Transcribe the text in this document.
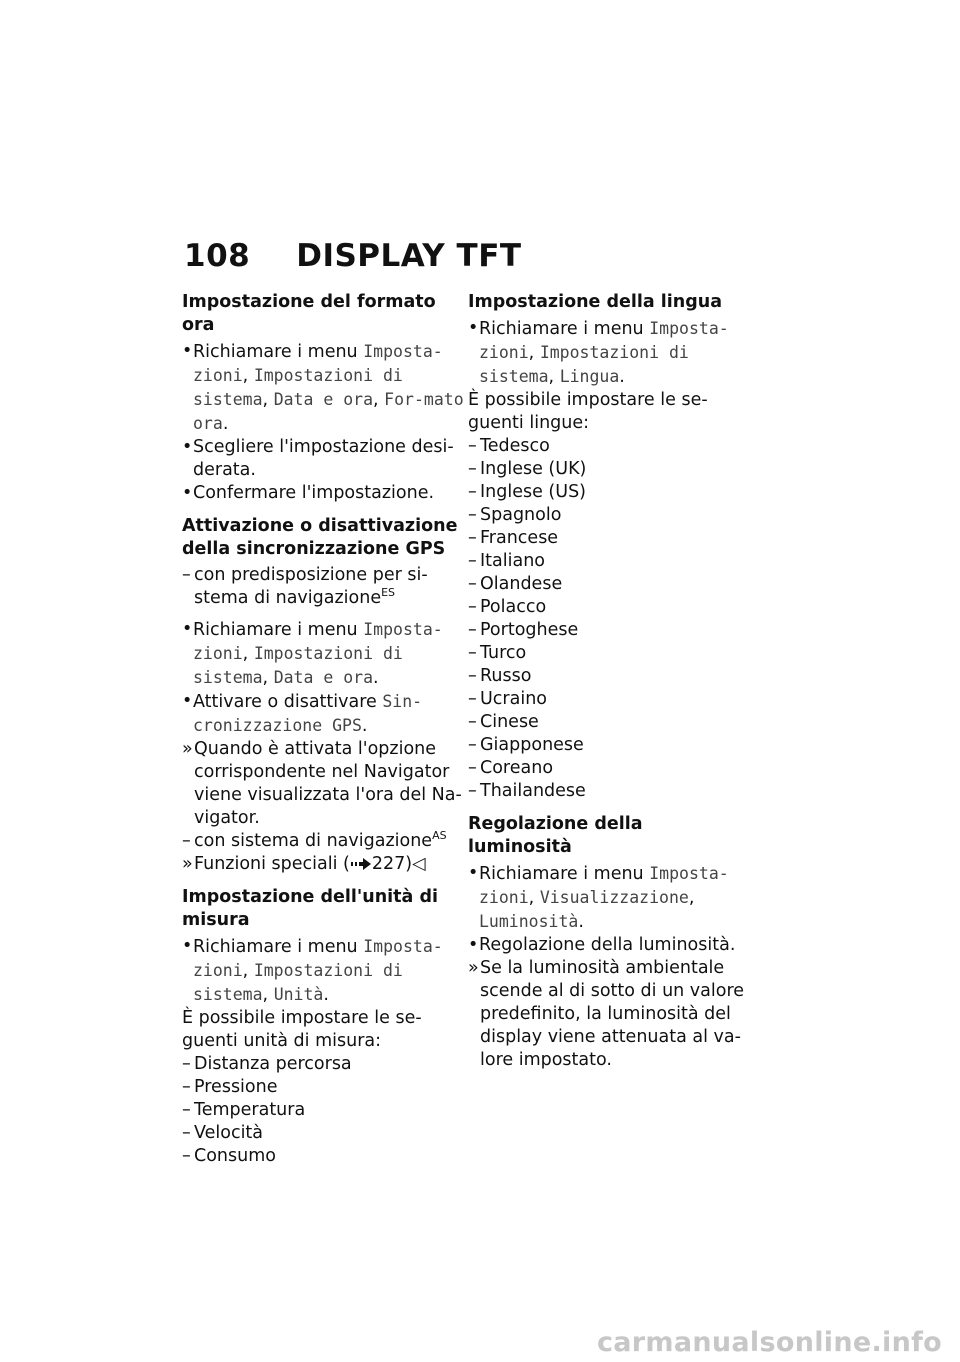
108 DISPLAY TFT
Impostazione del formato ora
• Richiamare i menu Imposta-zioni, Impostazioni di sistema, Data e ora, For-mato ora.
• Scegliere l'impostazione desi-derata.
• Confermare l'impostazione.
Attivazione o disattivazione della sincronizzazione GPS
– con predisposizione per si-stema di navigazione$^{ES}$
• Richiamare i menu Imposta-zioni, Impostazioni di sistema, Data e ora.
• Attivare o disattivare Sin-cronizzazione GPS.
» Quando è attivata l'opzione corrispondente nel Navigator viene visualizzata l'ora del Na-vigator.
– con sistema di navigazione$^{AS}$
» Funzioni speciali ( 227)◁
Impostazione dell'unità di misura
• Richiamare i menu Imposta-zioni, Impostazioni di sistema, Unità.
È possibile impostare le se-guenti unità di misura:
– Distanza percorsa
– Pressione
– Temperatura
– Velocità
– Consumo
Impostazione della lingua
• Richiamare i menu Imposta-zioni, Impostazioni di sistema, Lingua.
È possibile impostare le se-guenti lingue:
– Tedesco
– Inglese (UK)
– Inglese (US)
– Spagnolo
– Francese
– Italiano
– Olandese
– Polacco
– Portoghese
– Turco
– Russo
– Ucraino
– Cinese
– Giapponese
– Coreano
– Thailandese
Regolazione della luminosità
• Richiamare i menu Imposta-zioni, Visualizzazione, Luminosità.
• Regolazione della luminosità.
» Se la luminosità ambientale scende al di sotto di un valore predefinito, la luminosità del display viene attenuata al va-lore impostato.
carmanualsonline.info
